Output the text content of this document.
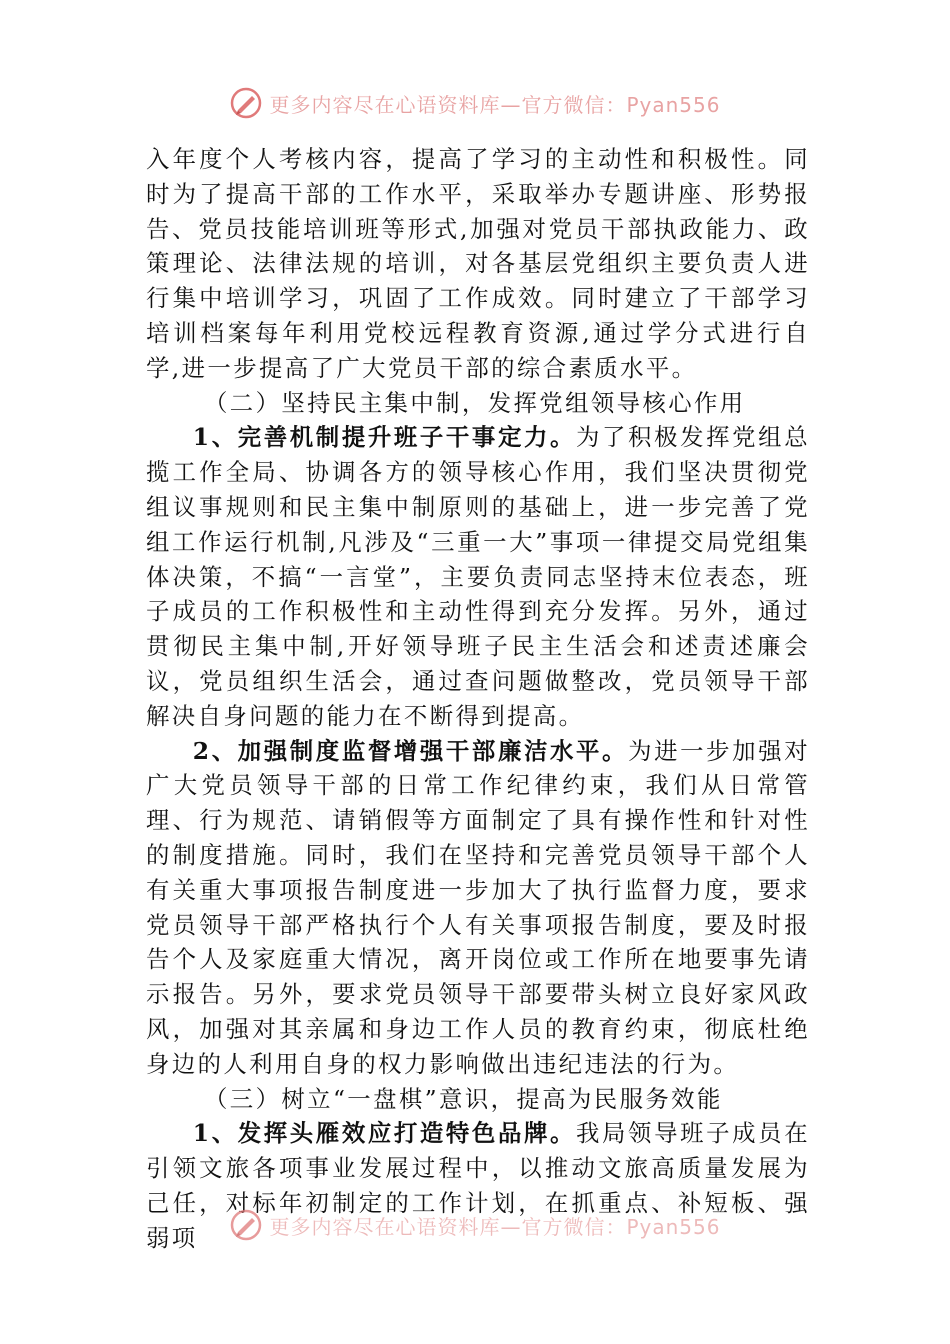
更多内容尽在心语资料库—官方微信：Pyan556

入年度个人考核内容，提高了学习的主动性和积极性。同时为了提高干部的工作水平，采取举办专题讲座、形势报告、党员技能培训班等形式,加强对党员干部执政能力、政策理论、法律法规的培训，对各基层党组织主要负责人进行集中培训学习，巩固了工作成效。同时建立了干部学习培训档案每年利用党校远程教育资源,通过学分式进行自学,进一步提高了广大党员干部的综合素质水平。

（二）坚持民主集中制，发挥党组领导核心作用

1、完善机制提升班子干事定力。为了积极发挥党组总揽工作全局、协调各方的领导核心作用，我们坚决贯彻党组议事规则和民主集中制原则的基础上，进一步完善了党组工作运行机制,凡涉及“三重一大”事项一律提交局党组集体决策，不搞“一言堂”，主要负责同志坚持末位表态，班子成员的工作积极性和主动性得到充分发挥。另外，通过贯彻民主集中制,开好领导班子民主生活会和述责述廉会议，党员组织生活会，通过查问题做整改，党员领导干部解决自身问题的能力在不断得到提高。

2、加强制度监督增强干部廉洁水平。为进一步加强对广大党员领导干部的日常工作纪律约束，我们从日常管理、行为规范、请销假等方面制定了具有操作性和针对性的制度措施。同时，我们在坚持和完善党员领导干部个人有关重大事项报告制度进一步加大了执行监督力度，要求党员领导干部严格执行个人有关事项报告制度，要及时报告个人及家庭重大情况，离开岗位或工作所在地要事先请示报告。另外，要求党员领导干部要带头树立良好家风政风，加强对其亲属和身边工作人员的教育约束，彻底杜绝身边的人利用自身的权力影响做出违纪违法的行为。

（三）树立“一盘棋”意识，提高为民服务效能

1、发挥头雁效应打造特色品牌。我局领导班子成员在引领文旅各项事业发展过程中，以推动文旅高质量发展为己任，对标年初制定的工作计划，在抓重点、补短板、强弱项	更多内容尽在心语资料库—官方微信：Pyan556
